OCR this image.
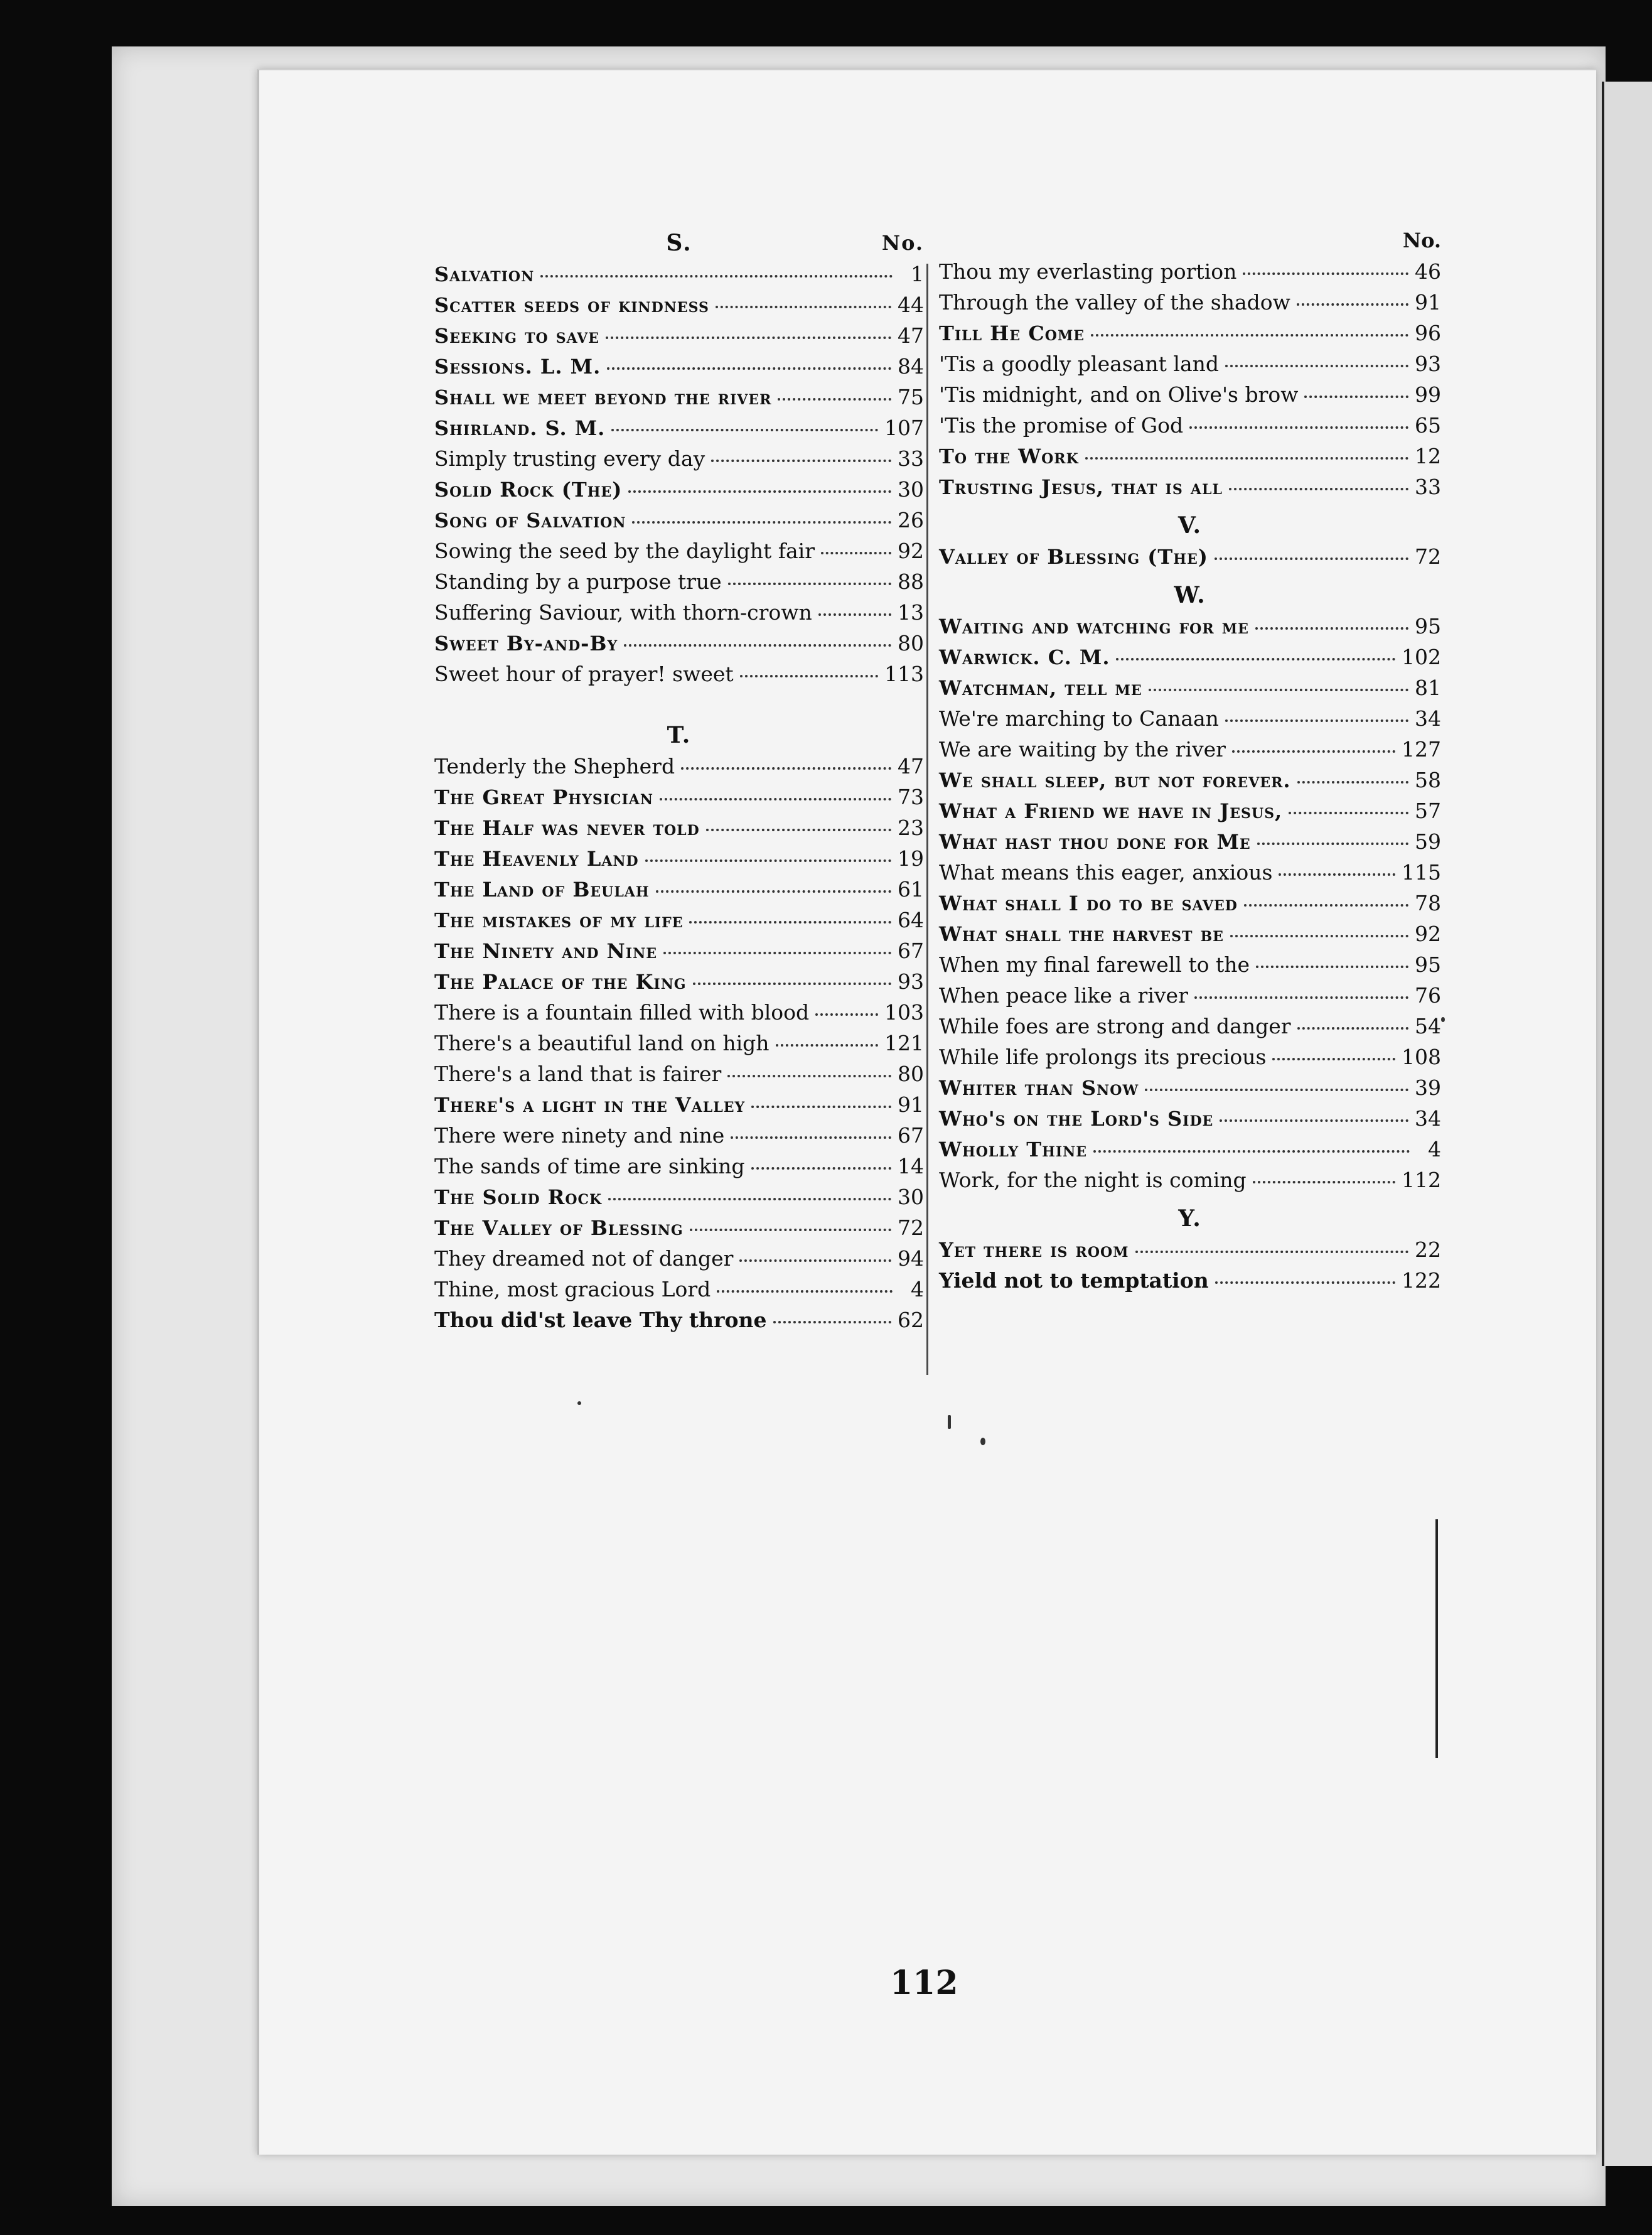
S.	No.
Salvation	1
Scatter seeds of kindness	44
Seeking to save	47
Sessions. L. M.	84
Shall we meet beyond the river	75
Shirland. S. M.	107
Simply trusting every day	33
Solid Rock (The)	30
Song of Salvation	26
Sowing the seed by the daylight fair	92
Standing by a purpose true	88
Suffering Saviour, with thorn-crown	13
Sweet By-and-By	80
Sweet hour of prayer! sweet	113
T.
Tenderly the Shepherd	47
The Great Physician	73
The Half was never told	23
The Heavenly Land	19
The Land of Beulah	61
The mistakes of my life	64
The Ninety and Nine	67
The Palace of the King	93
There is a fountain filled with blood	103
There's a beautiful land on high	121
There's a land that is fairer	80
There's a light in the Valley	91
There were ninety and nine	67
The sands of time are sinking	14
The Solid Rock	30
The Valley of Blessing	72
They dreamed not of danger	94
Thine, most gracious Lord	4
Thou did'st leave Thy throne	62
No.
Thou my everlasting portion	46
Through the valley of the shadow	91
Till He Come	96
'Tis a goodly pleasant land	93
'Tis midnight, and on Olive's brow	99
'Tis the promise of God	65
To the Work	12
Trusting Jesus, that is all	33
V.
Valley of Blessing (The)	72
W.
Waiting and watching for me	95
Warwick. C. M.	102
Watchman, tell me	81
We're marching to Canaan	34
We are waiting by the river	127
We shall sleep, but not forever.	58
What a Friend we have in Jesus,	57
What hast thou done for Me	59
What means this eager, anxious	115
What shall I do to be saved	78
What shall the harvest be	92
When my final farewell to the	95
When peace like a river	76
While foes are strong and danger	54
While life prolongs its precious	108
Whiter than Snow	39
Who's on the Lord's Side	34
Wholly Thine	4
Work, for the night is coming	112
Y.
Yet there is room	22
Yield not to temptation	122
112
